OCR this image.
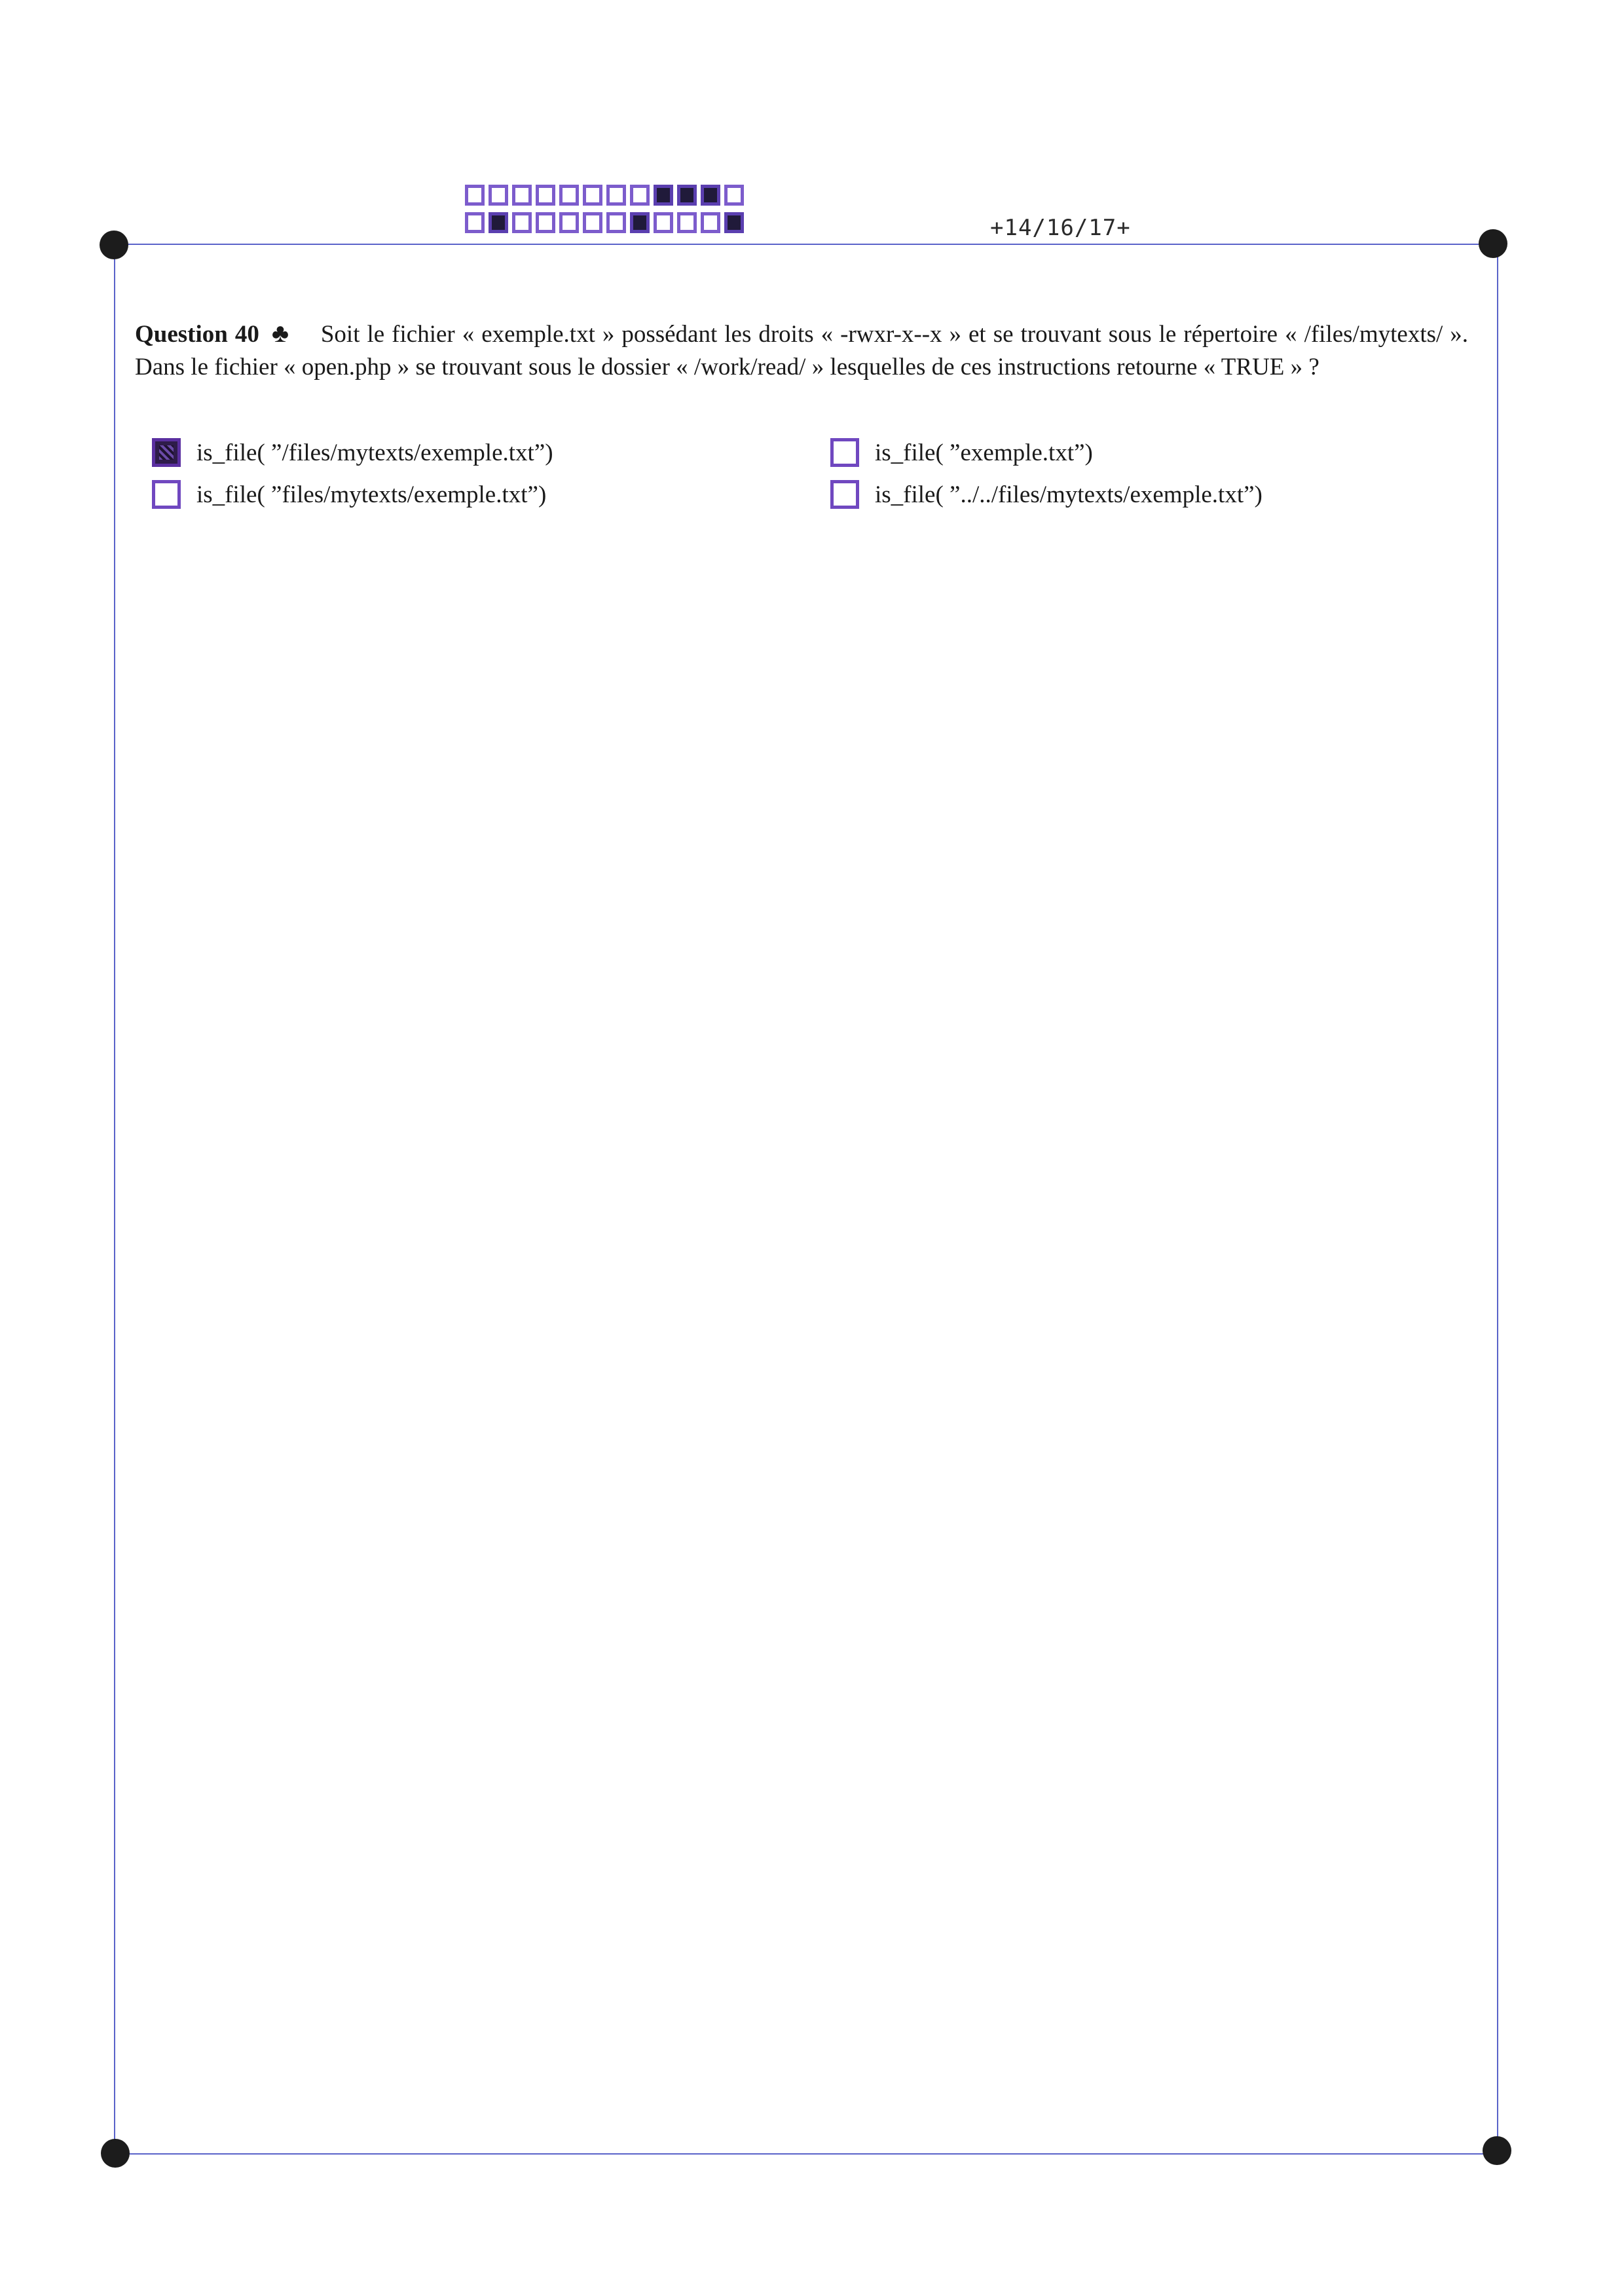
+14/16/17+
Question 40 ♣ Soit le fichier « exemple.txt » possédant les droits « -rwxr-x--x » et se trouvant sous le répertoire « /files/mytexts/ ». Dans le fichier « open.php » se trouvant sous le dossier « /work/read/ » lesquelles de ces instructions retourne « TRUE » ?
is_file( ”/files/mytexts/exemple.txt”)	is_file( ”exemple.txt”)
is_file( ”files/mytexts/exemple.txt”)	is_file( ”../../files/mytexts/exemple.txt”)
